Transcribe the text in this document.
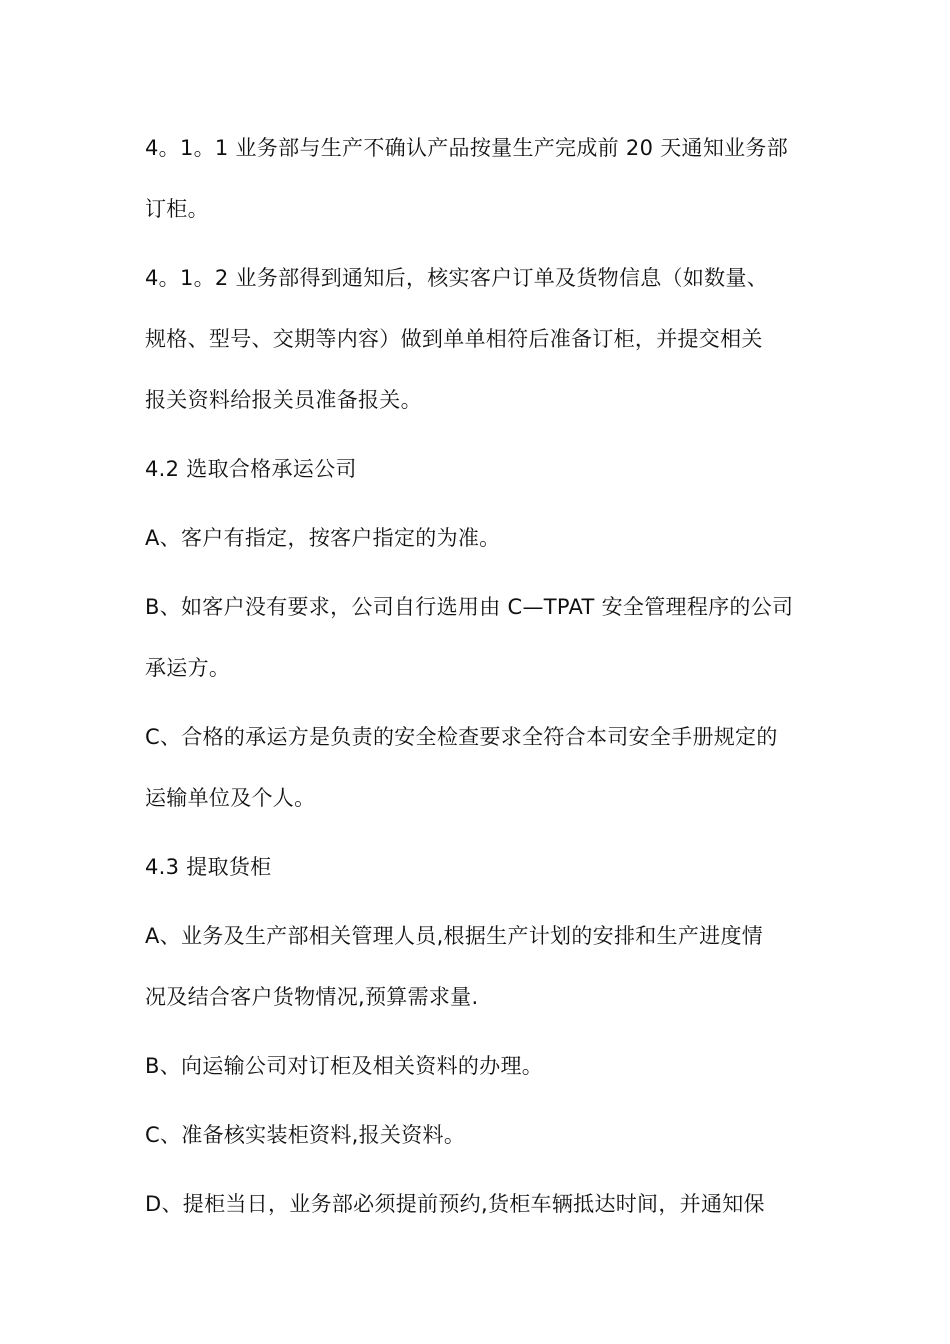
4。1。1 业务部与生产不确认产品按量生产完成前 20 天通知业务部
订柜。
4。1。2 业务部得到通知后，核实客户订单及货物信息（如数量、
规格、型号、交期等内容）做到单单相符后准备订柜，并提交相关
报关资料给报关员准备报关。
4.2 选取合格承运公司
A、客户有指定，按客户指定的为准。
B、如客户没有要求，公司自行选用由 C—TPAT 安全管理程序的公司
承运方。
C、合格的承运方是负责的安全检查要求全符合本司安全手册规定的
运输单位及个人。
4.3 提取货柜
A、业务及生产部相关管理人员,根据生产计划的安排和生产进度情
况及结合客户货物情况,预算需求量.
B、向运输公司对订柜及相关资料的办理。
C、准备核实装柜资料,报关资料。
D、提柜当日，业务部必须提前预约,货柜车辆抵达时间，并通知保
